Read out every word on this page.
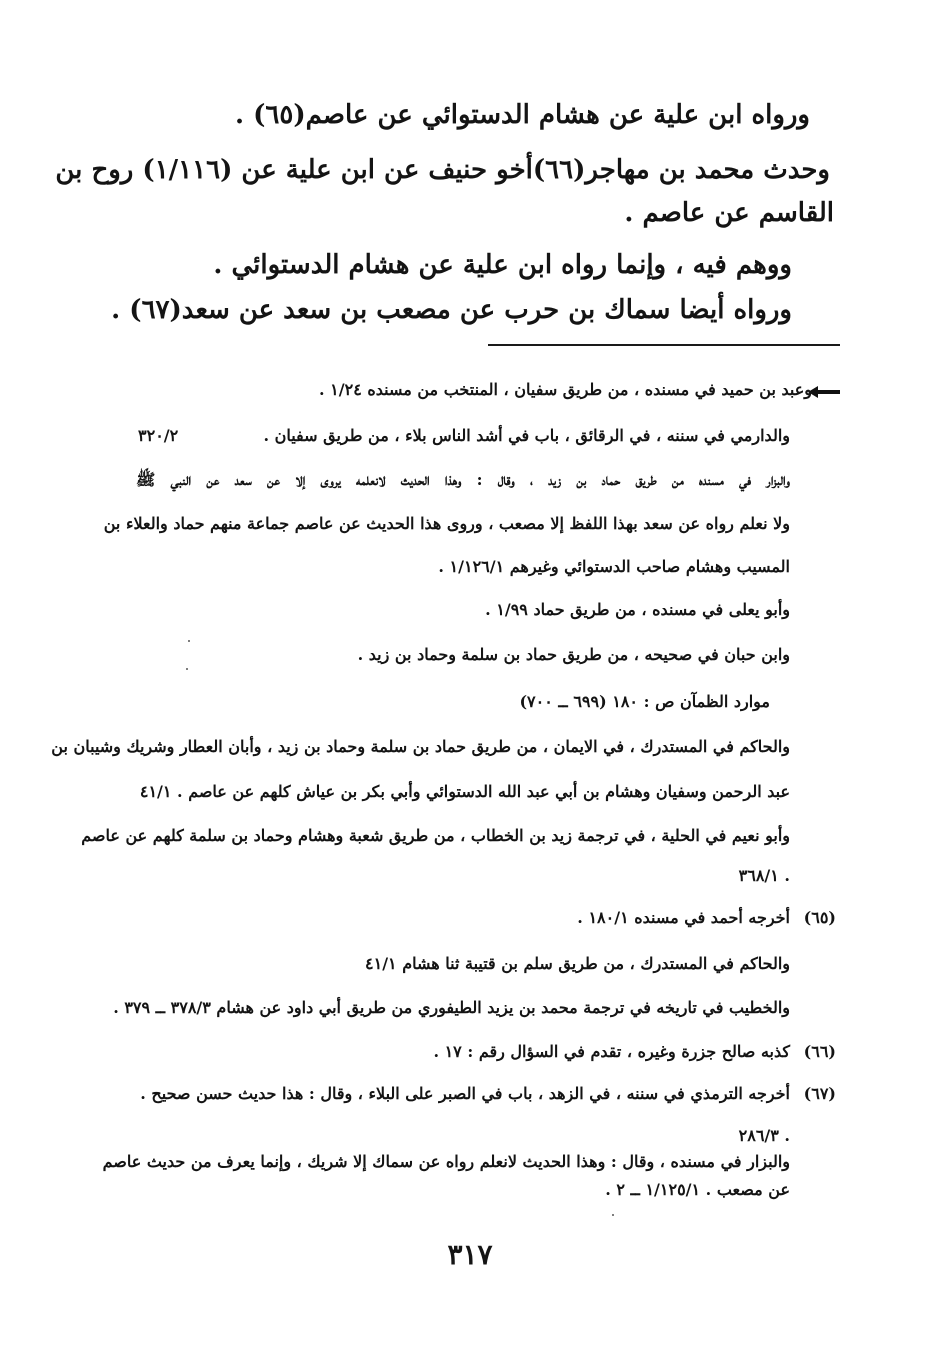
ورواه ابن علية عن هشام الدستوائي عن عاصم(٦٥) .
وحدث محمد بن مهاجر(٦٦)أخو حنيف عن ابن علية عن (١/١١٦) روح بن
القاسم عن عاصم .
ووهم فيه ، وإنما رواه ابن علية عن هشام الدستوائي .
ورواه أيضا سماك بن حرب عن مصعب بن سعد عن سعد(٦٧) .
وعبد بن حميد في مسنده ، من طريق سفيان ، المنتخب من مسنده ١/٢٤ .
والدارمي في سننه ، في الرقائق ، باب في أشد الناس بلاء ، من طريق سفيان .
٣٢٠/٢
والبزار في مسنده من طريق حماد بن زيد ، وقال : وهذا الحديث لانعلمه يروى إلا عن سعد عن النبي ﷺ
ولا نعلم رواه عن سعد بهذا اللفظ إلا مصعب ، وروى هذا الحديث عن عاصم جماعة منهم حماد والعلاء بن
المسيب وهشام صاحب الدستوائي وغيرهم ١/١٢٦/١ .
وأبو يعلى في مسنده ، من طريق حماد ١/٩٩ .
وابن حبان في صحيحه ، من طريق حماد بن سلمة وحماد بن زيد .
موارد الظمآن ص : ١٨٠ (٦٩٩ ــ ٧٠٠)
والحاكم في المستدرك ، في الايمان ، من طريق حماد بن سلمة وحماد بن زيد ، وأبان العطار وشريك وشيبان بن
عبد الرحمن وسفيان وهشام بن أبي عبد الله الدستوائي وأبي بكر بن عياش كلهم عن عاصم . ٤١/١
وأبو نعيم في الحلية ، في ترجمة زيد بن الخطاب ، من طريق شعبة وهشام وحماد بن سلمة كلهم عن عاصم
٣٦٨/١ .
(٦٥)
أخرجه أحمد في مسنده ١٨٠/١ .
والحاكم في المستدرك ، من طريق سلم بن قتيبة ثنا هشام ٤١/١
والخطيب في تاريخه في ترجمة محمد بن يزيد الطيفوري من طريق أبي داود عن هشام ٣٧٨/٣ ــ ٣٧٩ .
(٦٦)
كذبه صالح جزرة وغيره ، تقدم في السؤال رقم : ١٧ .
(٦٧)
أخرجه الترمذي في سننه ، في الزهد ، باب في الصبر على البلاء ، وقال : هذا حديث حسن صحيح .
٢٨٦/٣ .
والبزار في مسنده ، وقال : وهذا الحديث لانعلم رواه عن سماك إلا شريك ، وإنما يعرف من حديث عاصم
عن مصعب . ١/١٢٥/١ ــ ٢ .
٣١٧
